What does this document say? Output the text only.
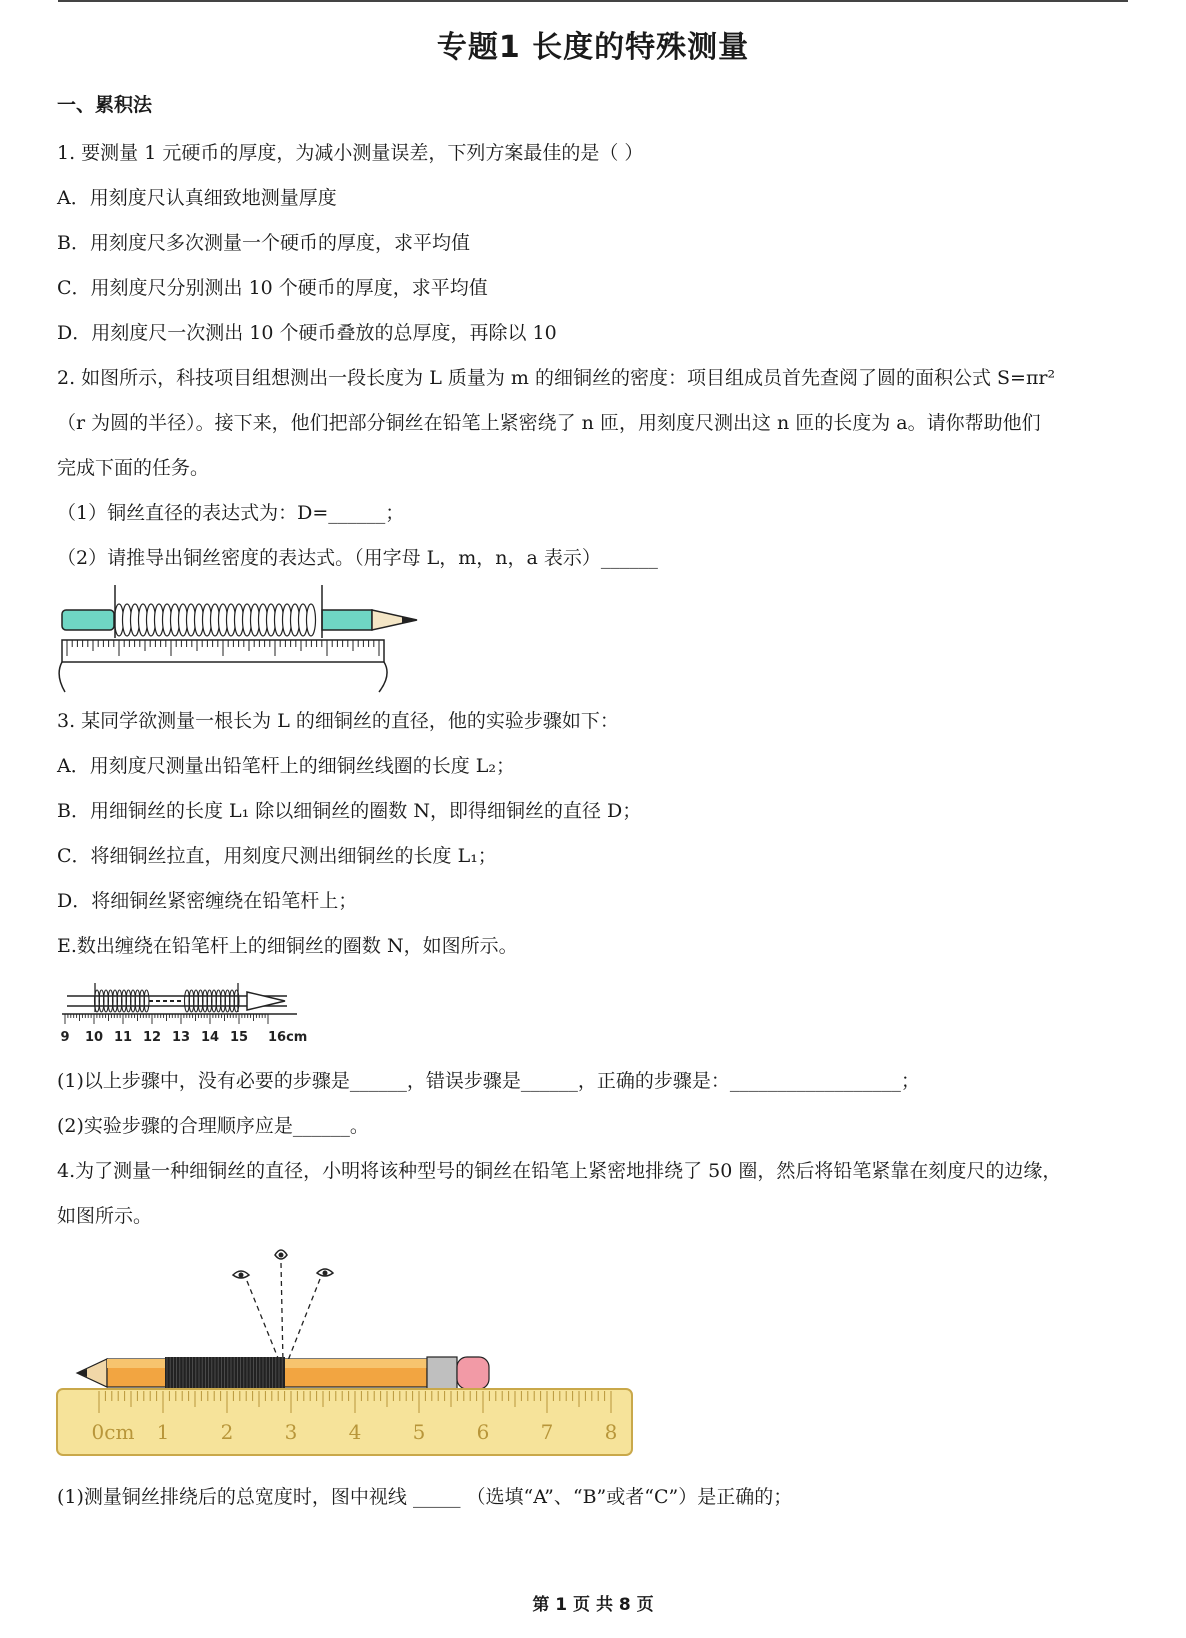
专题1 长度的特殊测量
一、累积法
1. 要测量 1 元硬币的厚度，为减小测量误差，下列方案最佳的是（ ）
A．用刻度尺认真细致地测量厚度
B．用刻度尺多次测量一个硬币的厚度，求平均值
C．用刻度尺分别测出 10 个硬币的厚度，求平均值
D．用刻度尺一次测出 10 个硬币叠放的总厚度，再除以 10
2. 如图所示，科技项目组想测出一段长度为 L 质量为 m 的细铜丝的密度：项目组成员首先查阅了圆的面积公式 S=πr²
（r 为圆的半径）。接下来，他们把部分铜丝在铅笔上紧密绕了 n 匝，用刻度尺测出这 n 匝的长度为 a。请你帮助他们
完成下面的任务。
（1）铜丝直径的表达式为：D=______；
（2）请推导出铜丝密度的表达式。（用字母 L，m，n，a 表示）______
3. 某同学欲测量一根长为 L 的细铜丝的直径，他的实验步骤如下：
A．用刻度尺测量出铅笔杆上的细铜丝线圈的长度 L₂；
B．用细铜丝的长度 L₁ 除以细铜丝的圈数 N，即得细铜丝的直径 D；
C．将细铜丝拉直，用刻度尺测出细铜丝的长度 L₁；
D．将细铜丝紧密缠绕在铅笔杆上；
E.数出缠绕在铅笔杆上的细铜丝的圈数 N，如图所示。
9 10 11 12 13 14 15 16cm
(1)以上步骤中，没有必要的步骤是______，错误步骤是______，正确的步骤是：__________________；
(2)实验步骤的合理顺序应是______。
4.为了测量一种细铜丝的直径，小明将该种型号的铜丝在铅笔上紧密地排绕了 50 圈，然后将铅笔紧靠在刻度尺的边缘，
如图所示。
0cm 1	2	3	4	5	6	7	8
(1)测量铜丝排绕后的总宽度时，图中视线 _____ （选填“A”、“B”或者“C”）是正确的；
第 1 页 共 8 页
